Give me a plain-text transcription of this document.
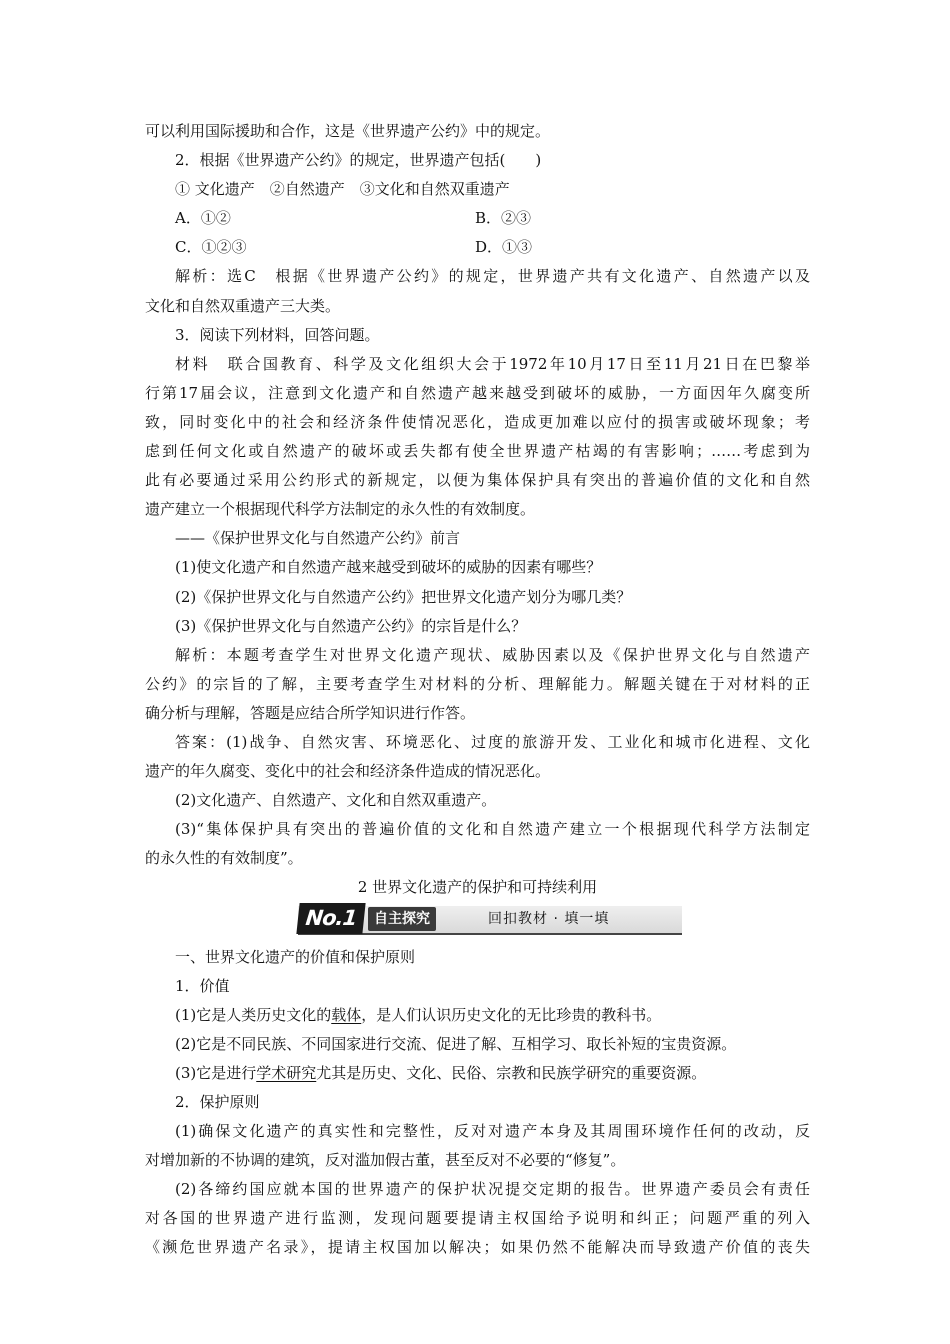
可以利用国际援助和合作，这是《世界遗产公约》中的规定。
2．根据《世界遗产公约》的规定，世界遗产包括(　　)
① 文化遗产　②自然遗产　③文化和自然双重遗产
A．①②	B．②③
C．①②③	D．①③
解析：选C　根据《世界遗产公约》的规定，世界遗产共有文化遗产、自然遗产以及
文化和自然双重遗产三大类。
3．阅读下列材料，回答问题。
材料　联合国教育、科学及文化组织大会于1972年10月17日至11月21日在巴黎举
行第17届会议，注意到文化遗产和自然遗产越来越受到破坏的威胁，一方面因年久腐变所
致，同时变化中的社会和经济条件使情况恶化，造成更加难以应付的损害或破坏现象；考
虑到任何文化或自然遗产的破坏或丢失都有使全世界遗产枯竭的有害影响；……考虑到为
此有必要通过采用公约形式的新规定，以便为集体保护具有突出的普遍价值的文化和自然
遗产建立一个根据现代科学方法制定的永久性的有效制度。
——《保护世界文化与自然遗产公约》前言
(1)使文化遗产和自然遗产越来越受到破坏的威胁的因素有哪些？
(2)《保护世界文化与自然遗产公约》把世界文化遗产划分为哪几类？
(3)《保护世界文化与自然遗产公约》的宗旨是什么？
解析：本题考查学生对世界文化遗产现状、威胁因素以及《保护世界文化与自然遗产
公约》的宗旨的了解，主要考查学生对材料的分析、理解能力。解题关键在于对材料的正
确分析与理解，答题是应结合所学知识进行作答。
答案：(1)战争、自然灾害、环境恶化、过度的旅游开发、工业化和城市化进程、文化
遗产的年久腐变、变化中的社会和经济条件造成的情况恶化。
(2)文化遗产、自然遗产、文化和自然双重遗产。
(3)“集体保护具有突出的普遍价值的文化和自然遗产建立一个根据现代科学方法制定
的永久性的有效制度”。
2 世界文化遗产的保护和可持续利用
No.1	自主探究	回扣教材 · 填一填
一、世界文化遗产的价值和保护原则
1．价值
(1)它是人类历史文化的载体，是人们认识历史文化的无比珍贵的教科书。
(2)它是不同民族、不同国家进行交流、促进了解、互相学习、取长补短的宝贵资源。
(3)它是进行学术研究尤其是历史、文化、民俗、宗教和民族学研究的重要资源。
2．保护原则
(1)确保文化遗产的真实性和完整性，反对对遗产本身及其周围环境作任何的改动，反
对增加新的不协调的建筑，反对滥加假古董，甚至反对不必要的“修复”。
(2)各缔约国应就本国的世界遗产的保护状况提交定期的报告。世界遗产委员会有责任
对各国的世界遗产进行监测，发现问题要提请主权国给予说明和纠正；问题严重的列入
《濒危世界遗产名录》，提请主权国加以解决；如果仍然不能解决而导致遗产价值的丧失
